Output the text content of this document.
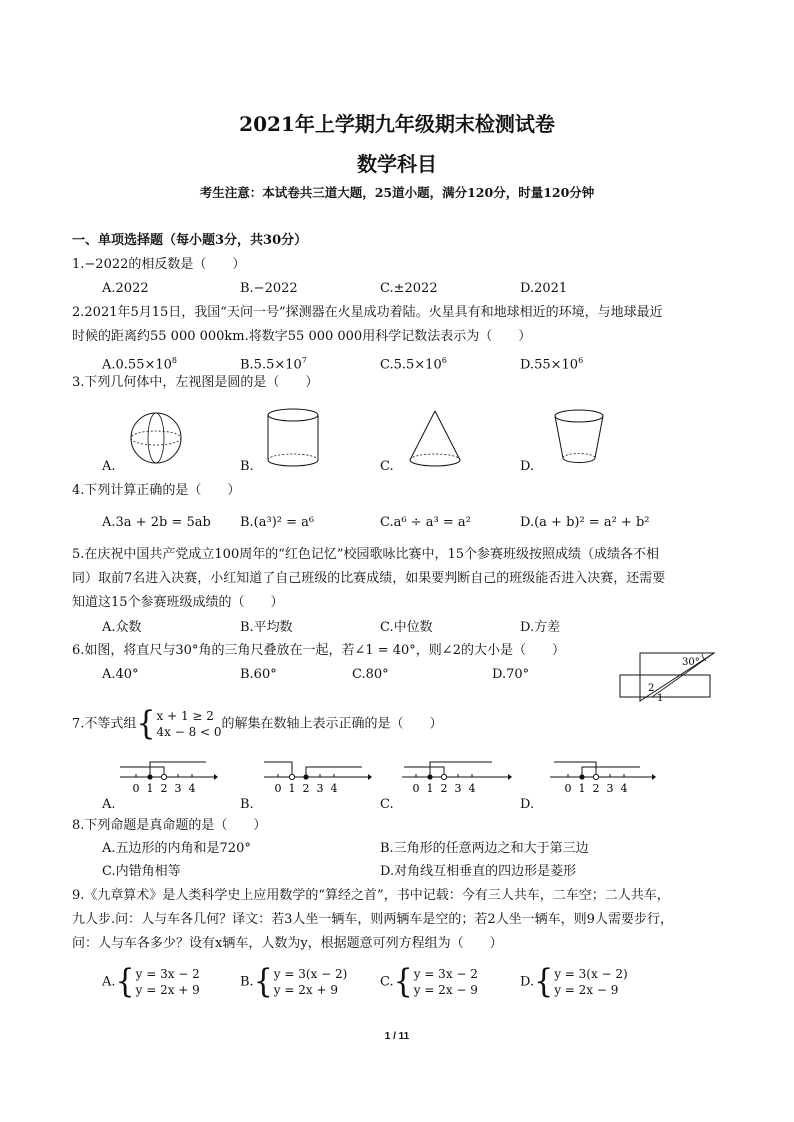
2021年上学期九年级期末检测试卷
数学科目
考生注意：本试卷共三道大题，25道小题，满分120分，时量120分钟
一、单项选择题（每小题3分，共30分）
1.−2022的相反数是（　　）
A.2022	B.−2022	C.±2022	D.2021
2.2021年5月15日，我国“天问一号”探测器在火星成功着陆。火星具有和地球相近的环境，与地球最近
时候的距离约55 000 000km.将数字55 000 000用科学记数法表示为（　　）
$A.0.55\times 10^8$	$B.5.5\times 10^7$	$C.5.5\times 10^6$	$D.55\times 10^6$
3.下列几何体中，左视图是圆的是（　　）
A.	B.	C.	D.
4.下列计算正确的是（　　）
A.3a + 2b = 5ab B.(a³)² = a⁶	C.a⁶ ÷ a³ = a²	D.(a + b)² = a² + b²
5.在庆祝中国共产党成立100周年的“红色记忆”校园歌咏比赛中，15个参赛班级按照成绩（成绩各不相
同）取前7名进入决赛，小红知道了自己班级的比赛成绩，如果要判断自己的班级能否进入决赛，还需要
知道这15个参赛班级成绩的（　　）
A.众数	B.平均数	C.中位数	D.方差
6.如图，将直尺与30°角的三角尺叠放在一起，若∠1 = 40°，则∠2的大小是（　　）
A.40°	B.60°	C.80°	D.70°
30°
2
1
7.不等式组{x + 1 ≥ 2
4x − 8 < 0的解集在数轴上表示正确的是（　　）
0 1 2 3 4	0 1 2 3 4	0 1 2 3 4	0 1 2 3 4
A.	B.	C.	D.
8.下列命题是真命题的是（　　）
A.五边形的内角和是720°	B.三角形的任意两边之和大于第三边
C.内错角相等	D.对角线互相垂直的四边形是菱形
9.《九章算术》是人类科学史上应用数学的“算经之首”，书中记载：今有三人共车，二车空；二人共车，
九人步.问：人与车各几何？译文：若3人坐一辆车，则两辆车是空的；若2人坐一辆车，则9人需要步行，
问：人与车各多少？设有x辆车，人数为y，根据题意可列方程组为（　　）
A.{y = 3x − 2
y = 2x + 9
B.{y = 3(x − 2)
y = 2x + 9
C.{y = 3x − 2
y = 2x − 9
D.{y = 3(x − 2)
y = 2x − 9
1 / 11
